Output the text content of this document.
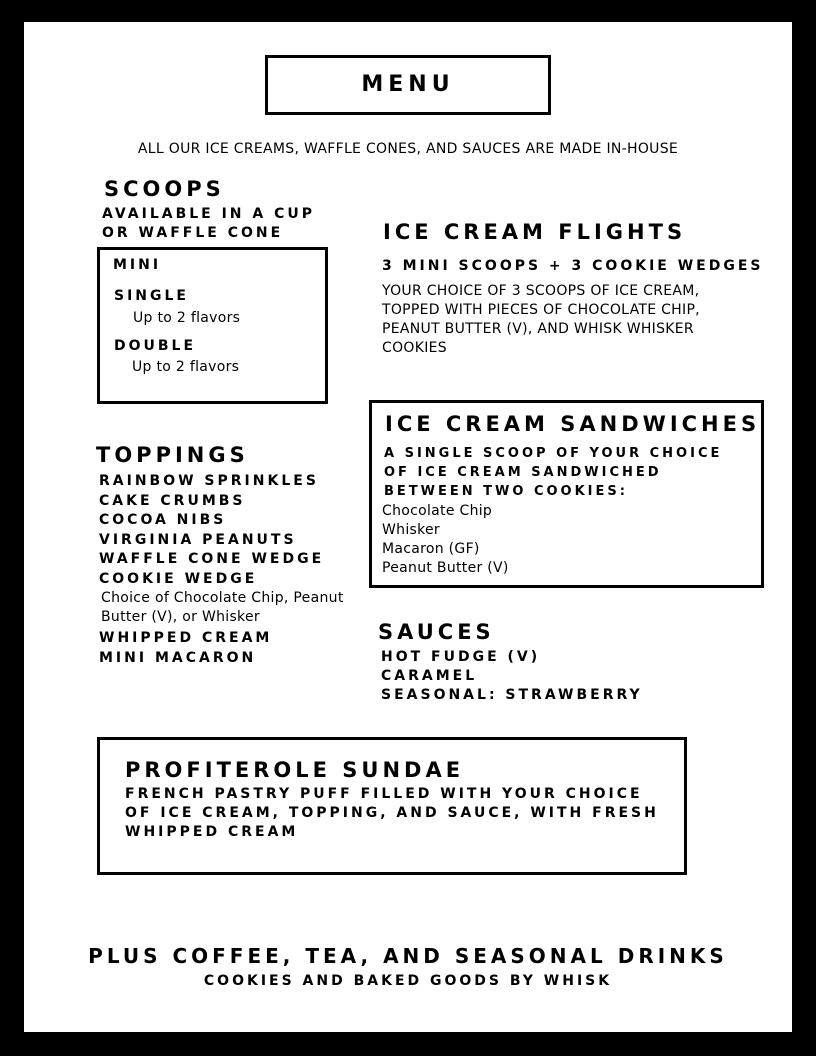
MENU
ALL OUR ICE CREAMS, WAFFLE CONES, AND SAUCES ARE MADE IN-HOUSE
SCOOPS
AVAILABLE IN A CUP
OR WAFFLE CONE
MINI
SINGLE
Up to 2 flavors
DOUBLE
Up to 2 flavors
ICE CREAM FLIGHTS
3 MINI SCOOPS + 3 COOKIE WEDGES
YOUR CHOICE OF 3 SCOOPS OF ICE CREAM, TOPPED WITH PIECES OF CHOCOLATE CHIP, PEANUT BUTTER (V), AND WHISK WHISKER COOKIES
ICE CREAM SANDWICHES
A SINGLE SCOOP OF YOUR CHOICE OF ICE CREAM SANDWICHED BETWEEN TWO COOKIES:
Chocolate Chip
Whisker
Macaron (GF)
Peanut Butter (V)
TOPPINGS
RAINBOW SPRINKLES
CAKE CRUMBS
COCOA NIBS
VIRGINIA PEANUTS
WAFFLE CONE WEDGE
COOKIE WEDGE
Choice of Chocolate Chip, Peanut Butter (V), or Whisker
WHIPPED CREAM
MINI MACARON
SAUCES
HOT FUDGE (V)
CARAMEL
SEASONAL: STRAWBERRY
PROFITEROLE SUNDAE
FRENCH PASTRY PUFF FILLED WITH YOUR CHOICE OF ICE CREAM, TOPPING, AND SAUCE, WITH FRESH WHIPPED CREAM
PLUS COFFEE, TEA, AND SEASONAL DRINKS
COOKIES AND BAKED GOODS BY WHISK
